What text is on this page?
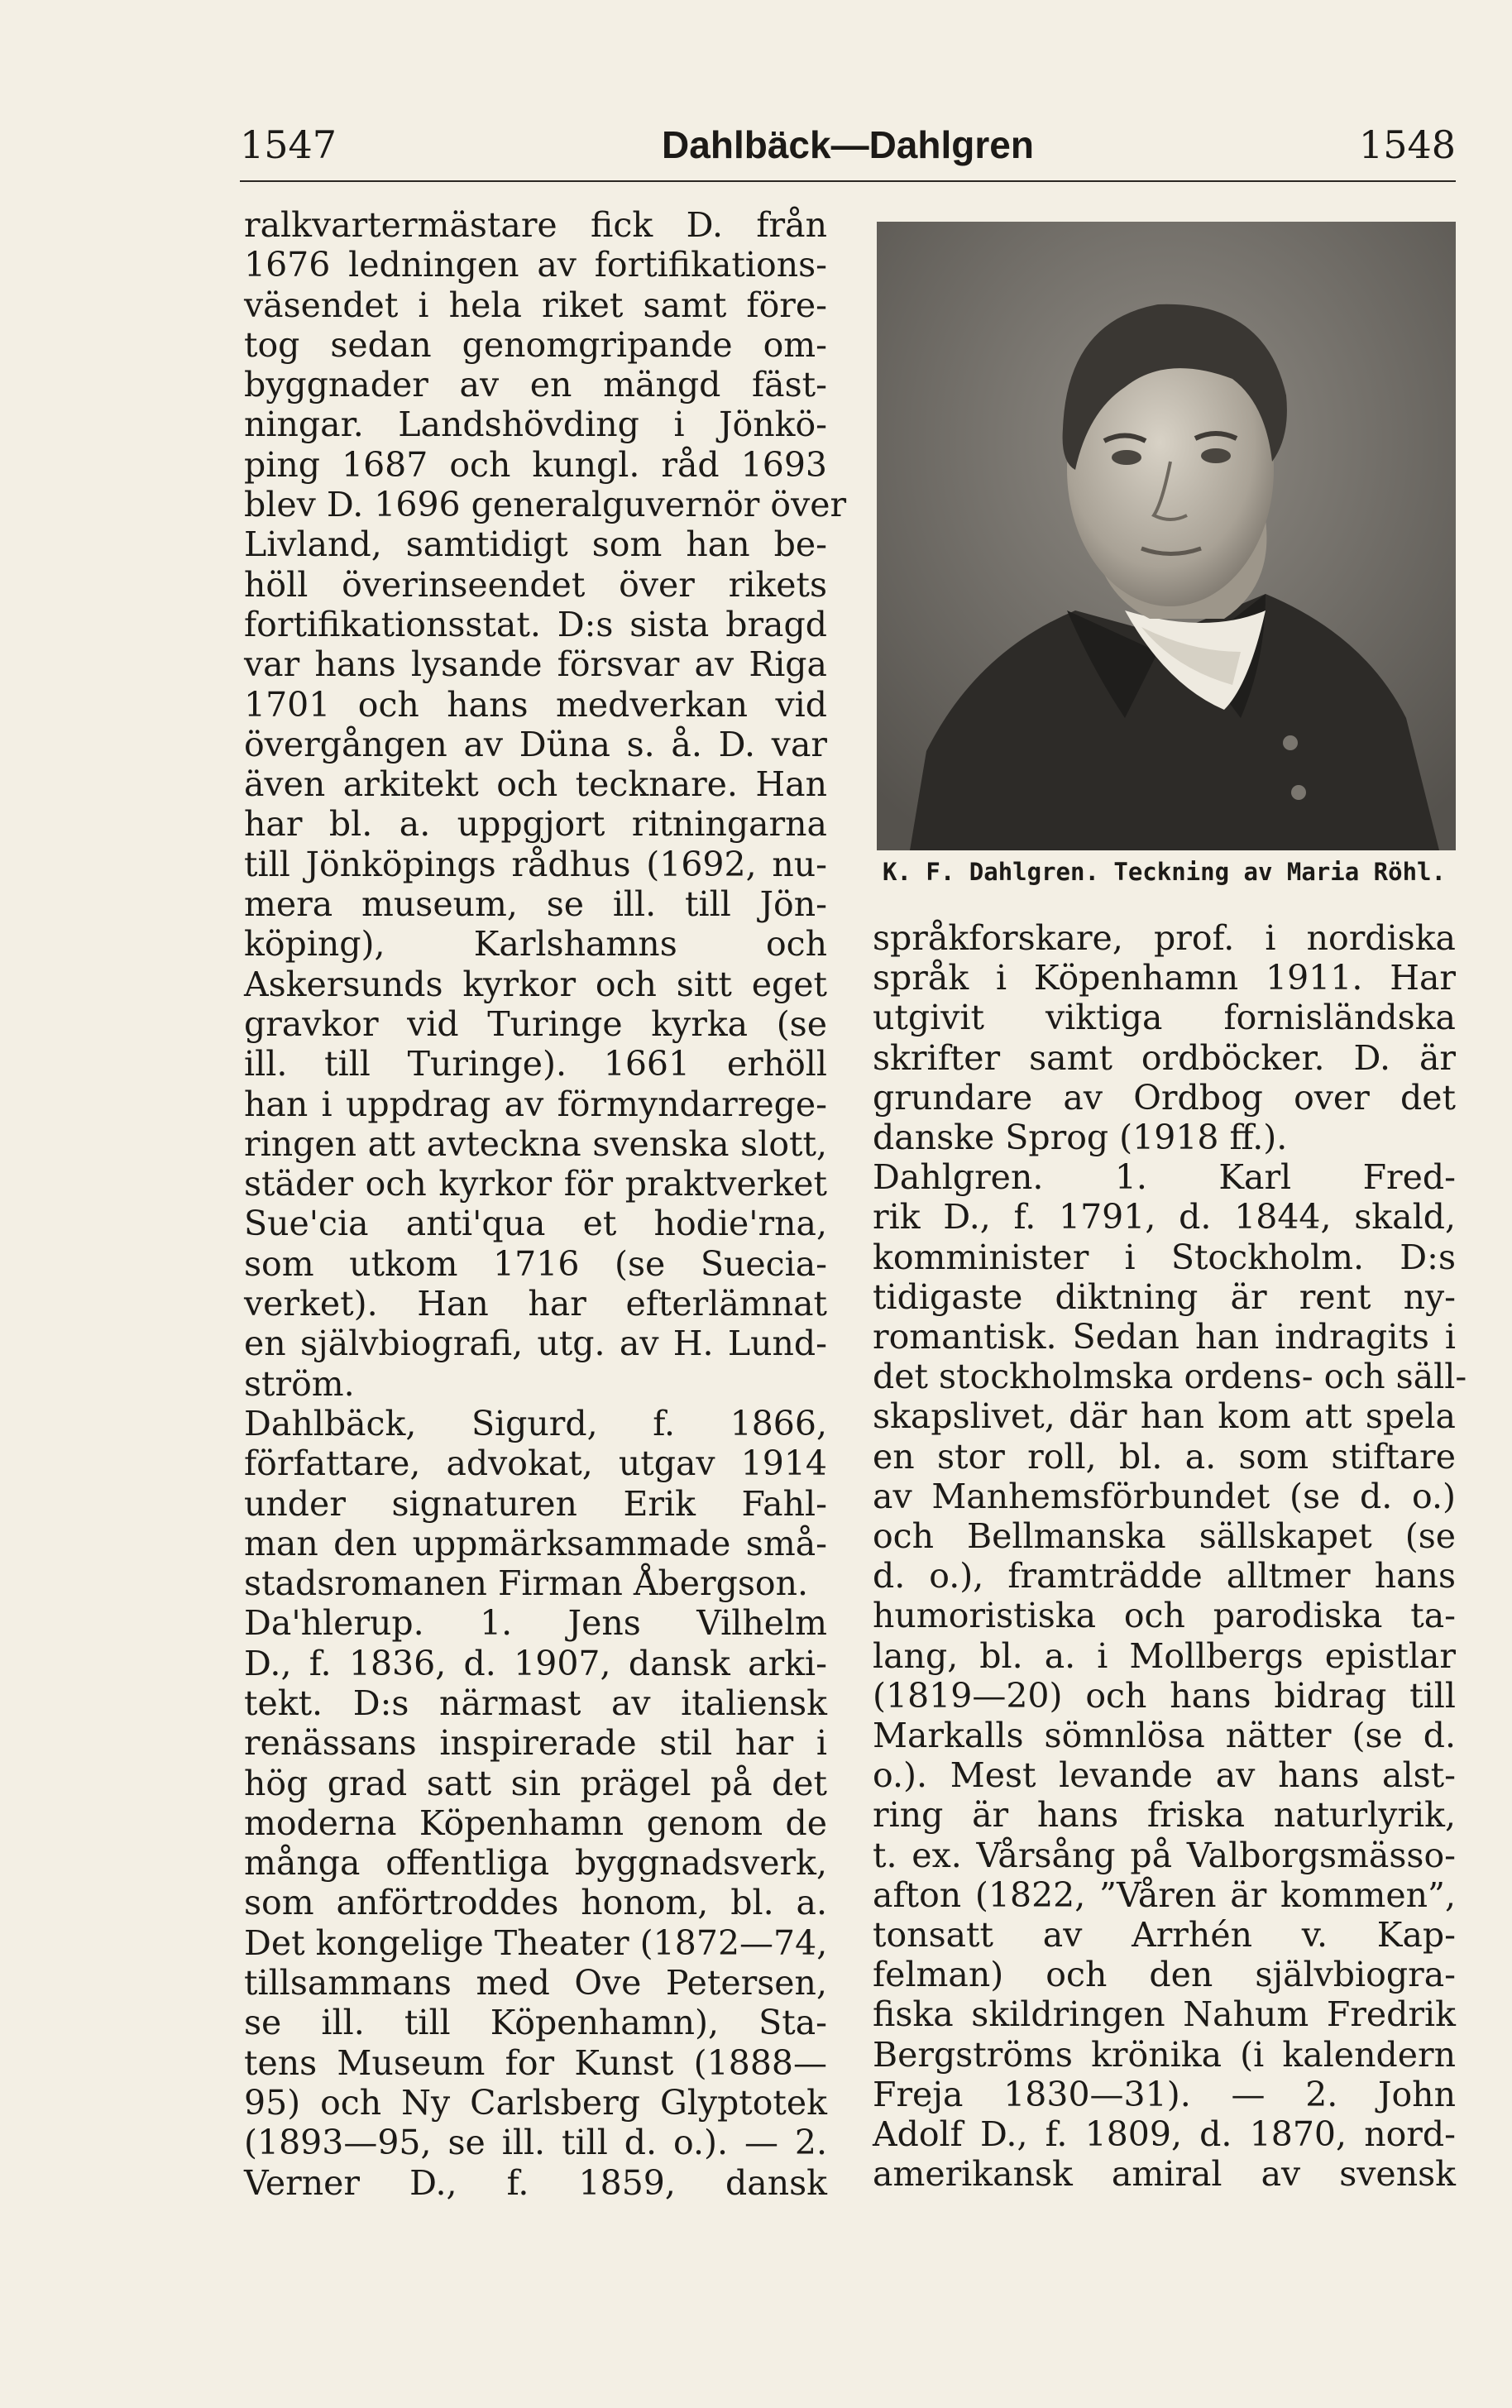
1547	Dahlbäck—Dahlgren	1548
ralkvartermästare fick D. från
1676 ledningen av fortifikations-
väsendet i hela riket samt före-
tog sedan genomgripande om-
byggnader av en mängd fäst-
ningar. Landshövding i Jönkö-
ping 1687 och kungl. råd 1693
blev D. 1696 generalguvernör över
Livland, samtidigt som han be-
höll överinseendet över rikets
fortifikationsstat. D:s sista bragd
var hans lysande försvar av Riga
1701 och hans medverkan vid
övergången av Düna s. å. D. var
även arkitekt och tecknare. Han
har bl. a. uppgjort ritningarna
till Jönköpings rådhus (1692, nu-
mera museum, se ill. till Jön-
köping), Karlshamns och
Askersunds kyrkor och sitt eget
gravkor vid Turinge kyrka (se
ill. till Turinge). 1661 erhöll
han i uppdrag av förmyndarrege-
ringen att avteckna svenska slott,
städer och kyrkor för praktverket
Sue'cia anti'qua et hodie'rna,
som utkom 1716 (se Suecia-
verket). Han har efterlämnat
en självbiografi, utg. av H. Lund-
ström.
Dahlbäck, Sigurd, f. 1866,
författare, advokat, utgav 1914
under signaturen Erik Fahl-
man den uppmärksammade små-
stadsromanen Firman Åbergson.
Da'hlerup. 1. Jens Vilhelm
D., f. 1836, d. 1907, dansk arki-
tekt. D:s närmast av italiensk
renässans inspirerade stil har i
hög grad satt sin prägel på det
moderna Köpenhamn genom de
många offentliga byggnadsverk,
som anförtroddes honom, bl. a.
Det kongelige Theater (1872—74,
tillsammans med Ove Petersen,
se ill. till Köpenhamn), Sta-
tens Museum for Kunst (1888—
95) och Ny Carlsberg Glyptotek
(1893—95, se ill. till d. o.). — 2.
Verner D., f. 1859, dansk
K. F. Dahlgren. Teckning av Maria Röhl.
språkforskare, prof. i nordiska
språk i Köpenhamn 1911. Har
utgivit viktiga fornisländska
skrifter samt ordböcker. D. är
grundare av Ordbog over det
danske Sprog (1918 ff.).
Dahlgren. 1. Karl Fred-
rik D., f. 1791, d. 1844, skald,
komminister i Stockholm. D:s
tidigaste diktning är rent ny-
romantisk. Sedan han indragits i
det stockholmska ordens- och säll-
skapslivet, där han kom att spela
en stor roll, bl. a. som stiftare
av Manhemsförbundet (se d. o.)
och Bellmanska sällskapet (se
d. o.), framträdde alltmer hans
humoristiska och parodiska ta-
lang, bl. a. i Mollbergs epistlar
(1819—20) och hans bidrag till
Markalls sömnlösa nätter (se d.
o.). Mest levande av hans alst-
ring är hans friska naturlyrik,
t. ex. Vårsång på Valborgsmässo-
afton (1822, ”Våren är kommen”,
tonsatt av Arrhén v. Kap-
felman) och den självbiogra-
fiska skildringen Nahum Fredrik
Bergströms krönika (i kalendern
Freja 1830—31). — 2. John
Adolf D., f. 1809, d. 1870, nord-
amerikansk amiral av svensk
